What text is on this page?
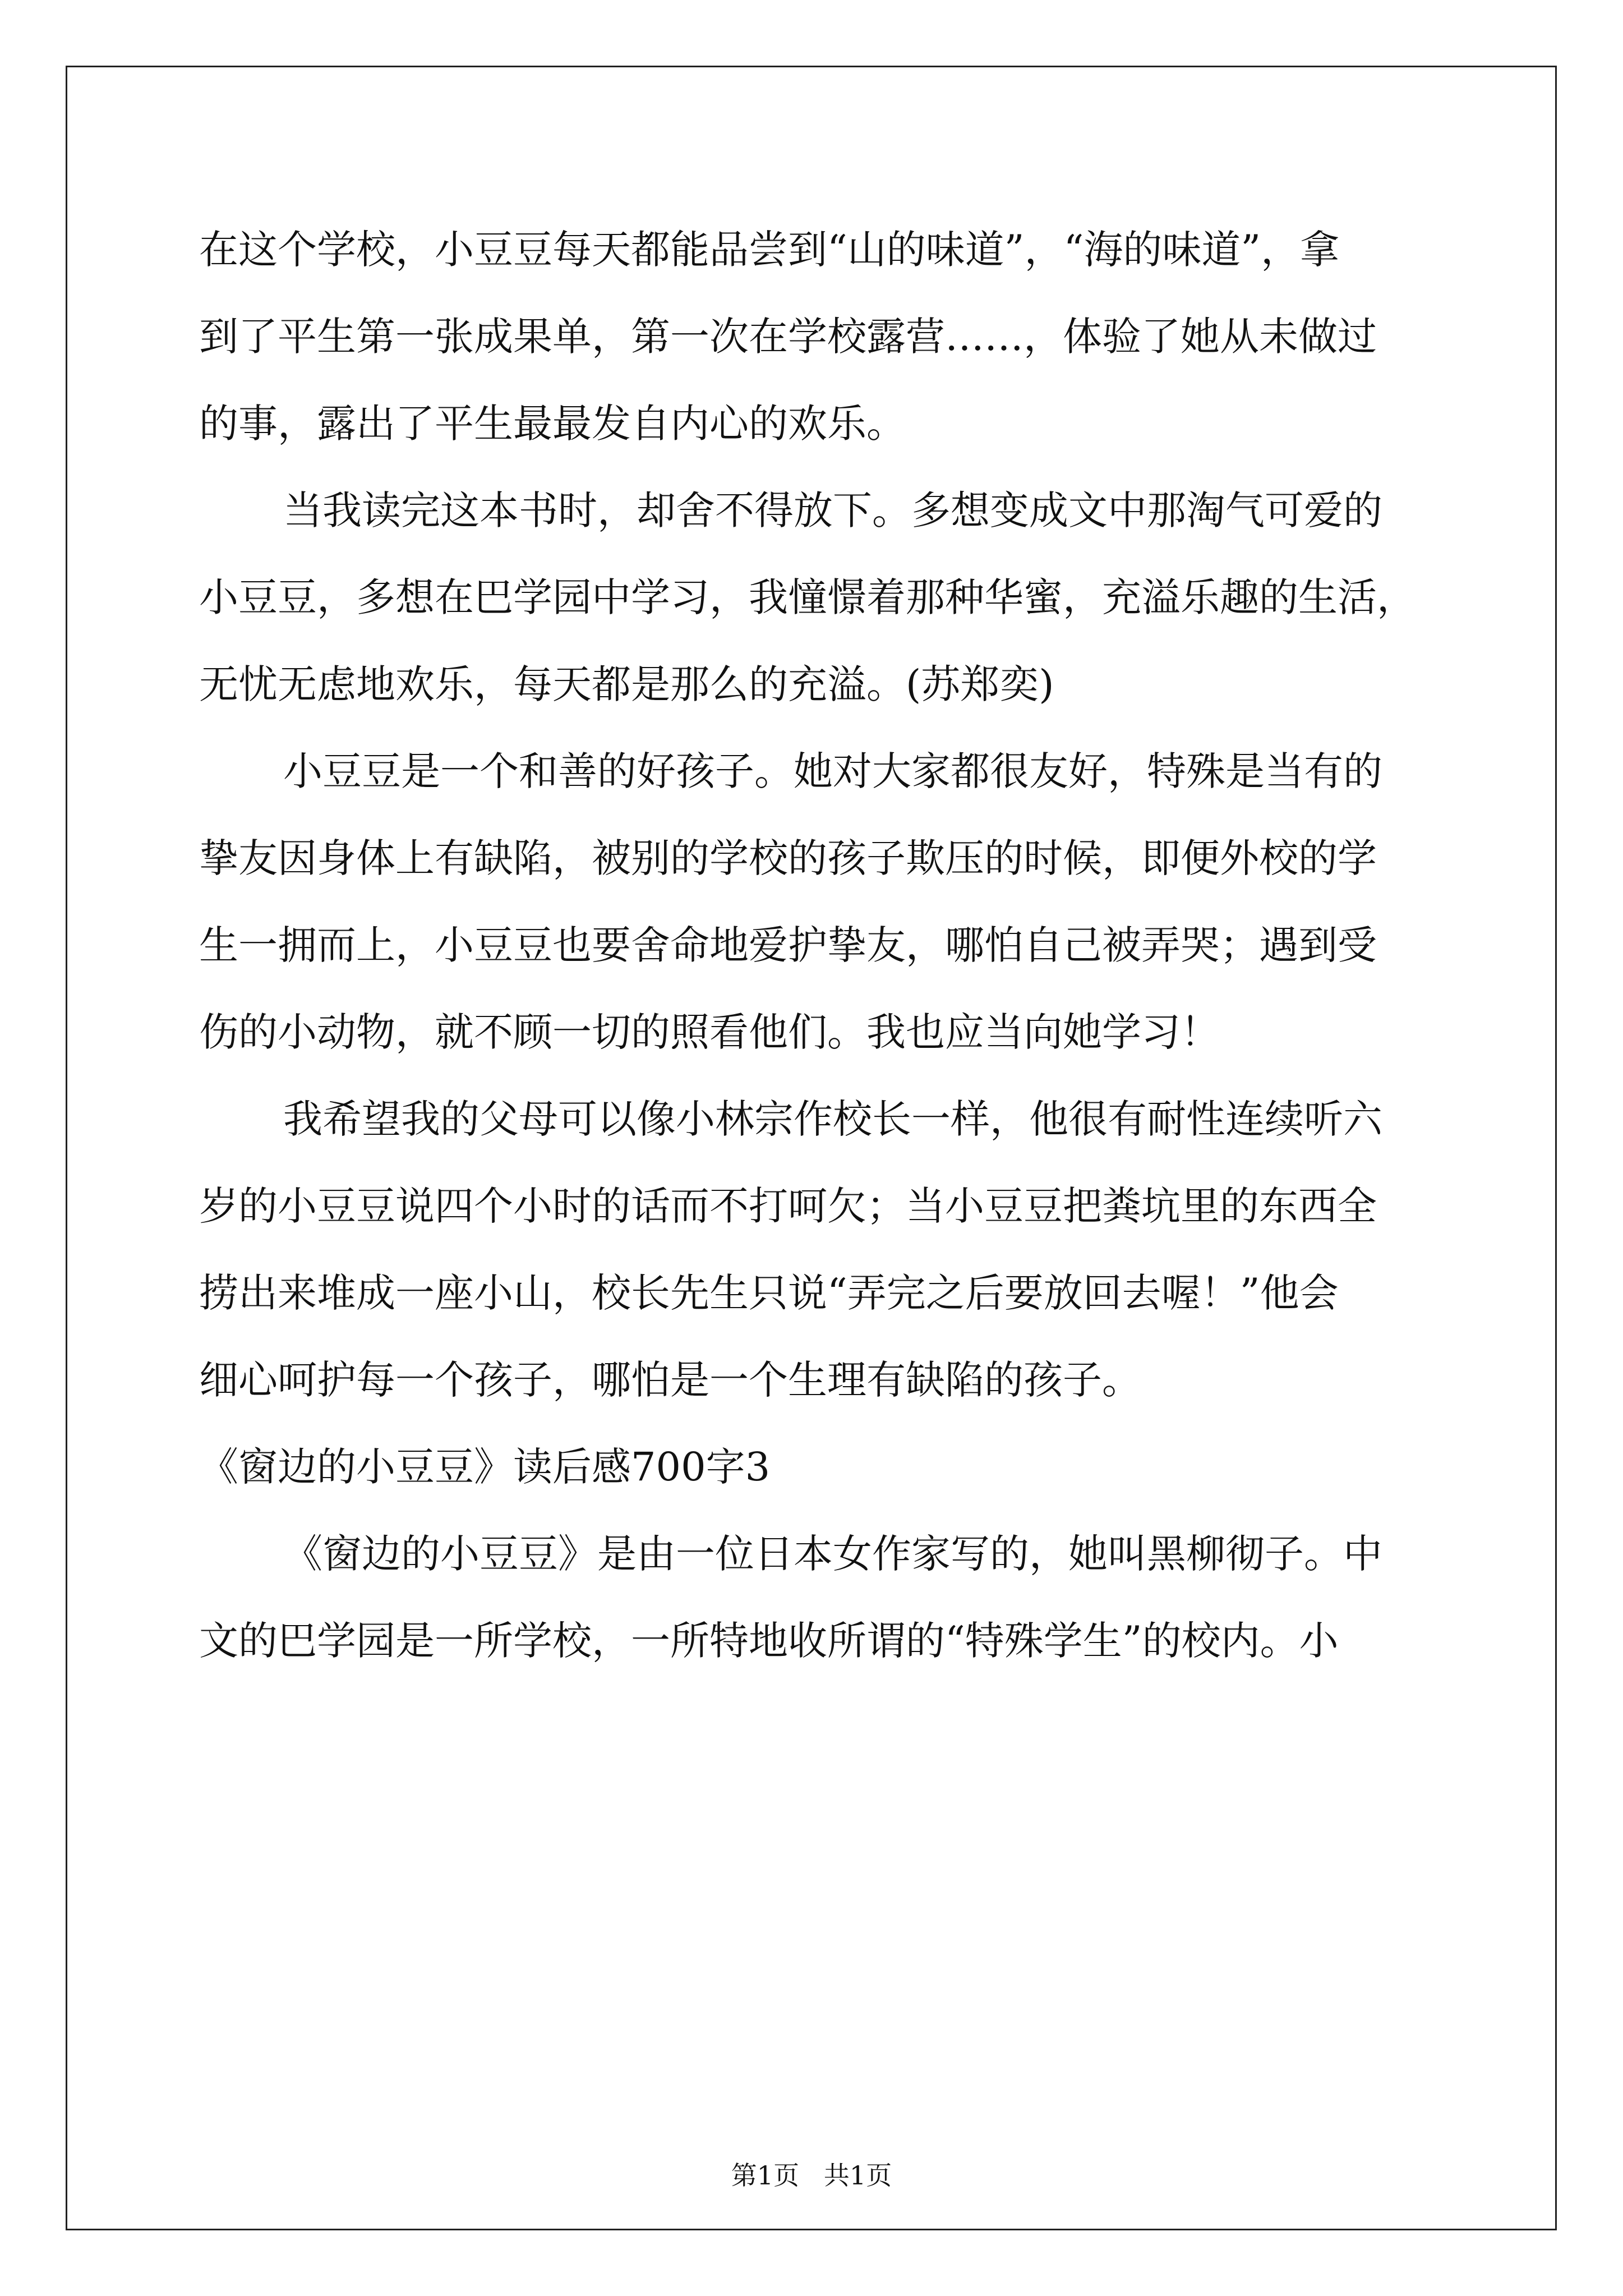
在这个学校，小豆豆每天都能品尝到“山的味道”，“海的味道”，拿
到了平生第一张成果单，第一次在学校露营……，体验了她从未做过
的事，露出了平生最最发自内心的欢乐。
当我读完这本书时，却舍不得放下。多想变成文中那淘气可爱的
小豆豆，多想在巴学园中学习，我憧憬着那种华蜜，充溢乐趣的生活，
无忧无虑地欢乐，每天都是那么的充溢。(苏郑奕)
小豆豆是一个和善的好孩子。她对大家都很友好，特殊是当有的
挚友因身体上有缺陷，被别的学校的孩子欺压的时候，即便外校的学
生一拥而上，小豆豆也要舍命地爱护挚友，哪怕自己被弄哭；遇到受
伤的小动物，就不顾一切的照看他们。我也应当向她学习！
我希望我的父母可以像小林宗作校长一样，他很有耐性连续听六
岁的小豆豆说四个小时的话而不打呵欠；当小豆豆把粪坑里的东西全
捞出来堆成一座小山，校长先生只说“弄完之后要放回去喔！”他会
细心呵护每一个孩子，哪怕是一个生理有缺陷的孩子。
《窗边的小豆豆》读后感700字3
《窗边的小豆豆》是由一位日本女作家写的，她叫黑柳彻子。中
文的巴学园是一所学校，一所特地收所谓的“特殊学生”的校内。小
第1页   共1页
